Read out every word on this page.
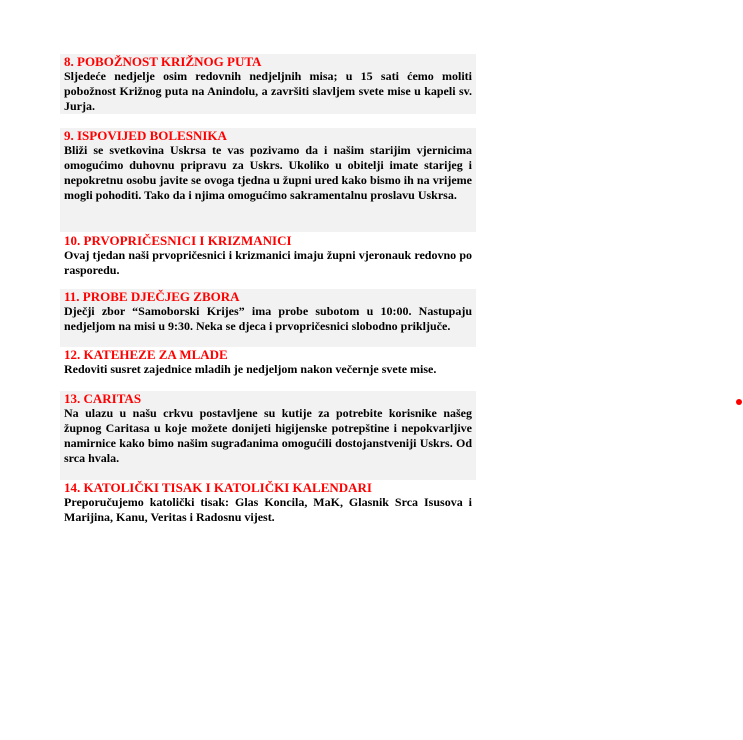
8. POBOŽNOST KRIŽNOG PUTA

Sljedeće nedjelje osim redovnih nedjeljnih misa; u 15 sati ćemo moliti pobožnost Križnog puta na Anindolu, a završiti slavljem svete mise u kapeli sv. Jurja.

9. ISPOVIJED BOLESNIKA

Bliži se svetkovina Uskrsa te vas pozivamo da i našim starijim vjernicima omogućimo duhovnu pripravu za Uskrs. Ukoliko u obitelji imate starijeg i nepokretnu osobu javite se ovoga tjedna u župni ured kako bismo ih na vrijeme mogli pohoditi. Tako da i njima omogućimo sakramentalnu proslavu Uskrsa.

10. PRVOPRIČESNICI I KRIZMANICI

Ovaj tjedan naši prvopričesnici i krizmanici imaju župni vjeronauk redovno po rasporedu.

11. PROBE DJEČJEG ZBORA

Dječji zbor “Samoborski Krijes” ima probe subotom u 10:00. Nastupaju nedjeljom na misi u 9:30. Neka se djeca i prvopričesnici slobodno priključe.

12. KATEHEZE ZA MLADE

Redoviti susret zajednice mladih je nedjeljom nakon večernje svete mise.

13. CARITAS

Na ulazu u našu crkvu postavljene su kutije za potrebite korisnike našeg župnog Caritasa u koje možete donijeti higijenske potrepštine i nepokvarljive namirnice kako bimo našim sugrađanima omogućili dostojanstveniji Uskrs. Od srca hvala.

14. KATOLIČKI TISAK I KATOLIČKI KALENDARI

Preporučujemo katolički tisak: Glas Koncila, MaK, Glasnik Srca Isusova i Marijina, Kanu, Veritas i Radosnu vijest.
